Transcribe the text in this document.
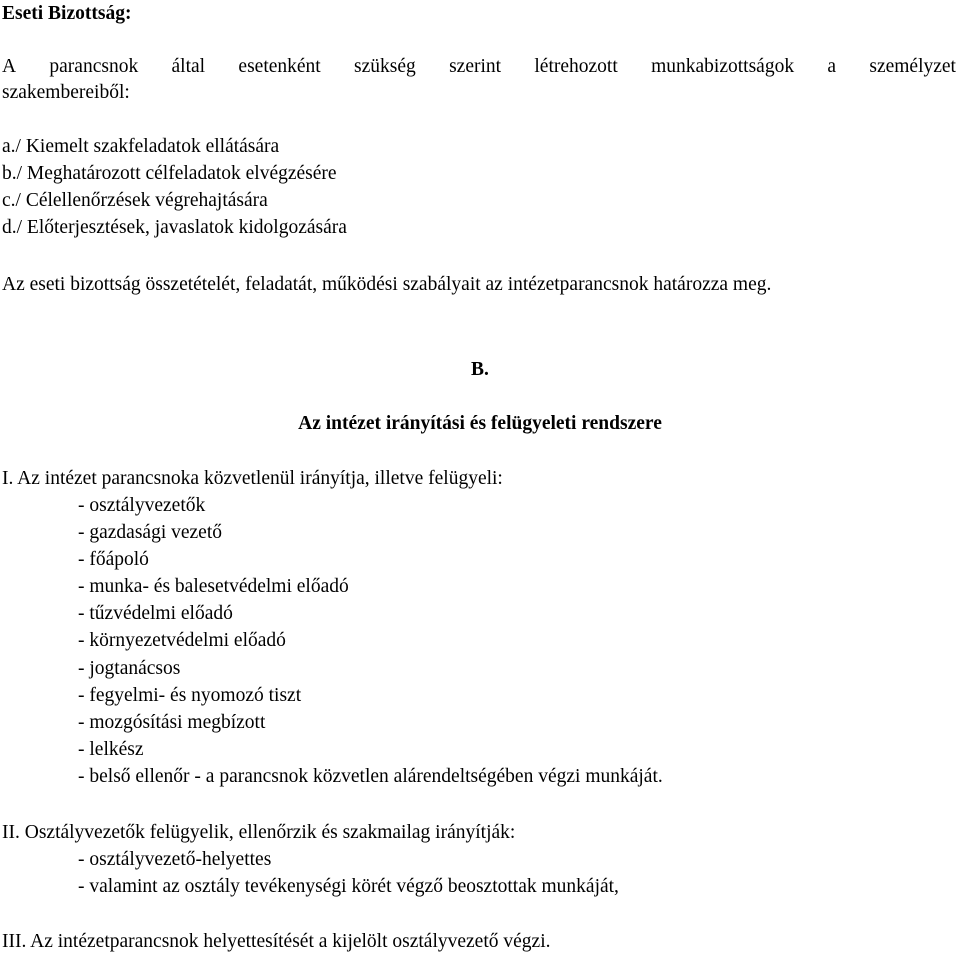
Eseti Bizottság:

A parancsnok által esetenként szükség szerint létrehozott munkabizottságok a személyzet

szakembereiből:

a./ Kiemelt szakfeladatok ellátására

b./ Meghatározott célfeladatok elvégzésére

c./ Célellenőrzések végrehajtására

d./ Előterjesztések, javaslatok kidolgozására

Az eseti bizottság összetételét, feladatát, működési szabályait az intézetparancsnok határozza meg.

B.

Az intézet irányítási és felügyeleti rendszere

I. Az intézet parancsnoka közvetlenül irányítja, illetve felügyeli:

- osztályvezetők

- gazdasági vezető

- főápoló

- munka- és balesetvédelmi előadó

- tűzvédelmi előadó

- környezetvédelmi előadó

- jogtanácsos

- fegyelmi- és nyomozó tiszt

- mozgósítási megbízott

- lelkész

- belső ellenőr - a parancsnok közvetlen alárendeltségében végzi munkáját.

II. Osztályvezetők felügyelik, ellenőrzik és szakmailag irányítják:

- osztályvezető-helyettes

- valamint az osztály tevékenységi körét végző beosztottak munkáját,

III. Az intézetparancsnok helyettesítését a kijelölt osztályvezető végzi.
